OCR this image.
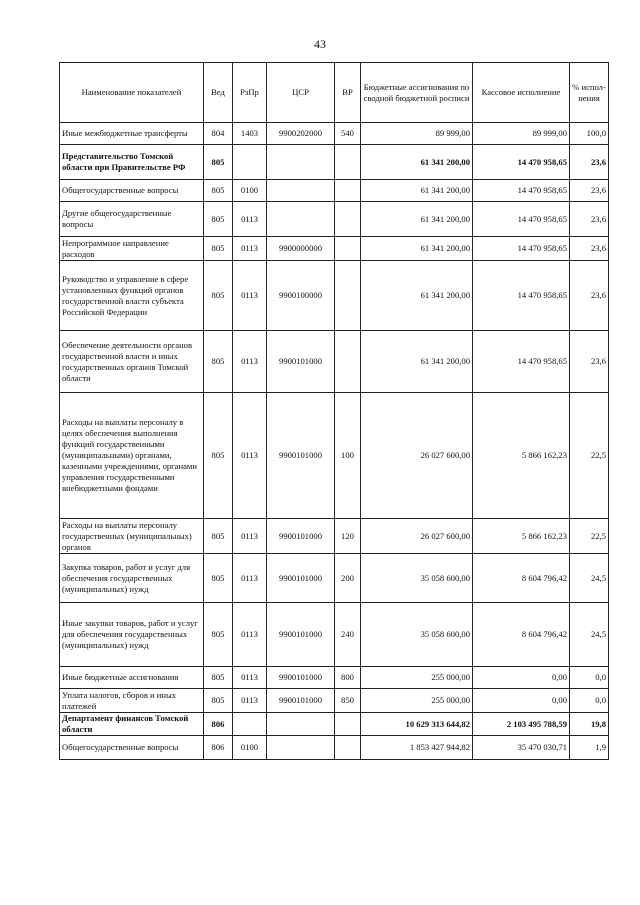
43
Наименование показателей	Вед	РзПр	ЦСР	ВР	Бюджетные ассигнования по сводной бюджетной росписи	Кассовое исполнение	% испол- нения
Иные межбюджетные трансферты	804	1403	9900202000	540	89 999,00	89 999,00	100,0
Представительство Томской области при Правительстве РФ	805				61 341 200,00	14 470 958,65	23,6
Общегосударственные вопросы	805	0100			61 341 200,00	14 470 958,65	23,6
Другие общегосударственные вопросы	805	0113			61 341 200,00	14 470 958,65	23,6
Непрограммное направление расходов	805	0113	9900000000		61 341 200,00	14 470 958,65	23,6
Руководство и управление в сфере установленных функций органов государственной власти субъекта Российской Федерации	805	0113	9900100000		61 341 200,00	14 470 958,65	23,6
Обеспечение деятельности органов государственной власти и иных государственных органов Томской области	805	0113	9900101000		61 341 200,00	14 470 958,65	23,6
Расходы на выплаты персоналу в целях обеспечения выполнения функций государственными (муниципальными) органами, казенными учреждениями, органами управления государственными внебюджетными фондами	805	0113	9900101000	100	26 027 600,00	5 866 162,23	22,5
Расходы на выплаты персоналу государственных (муниципальных) органов	805	0113	9900101000	120	26 027 600,00	5 866 162,23	22,5
Закупка товаров, работ и услуг для обеспечения государственных (муниципальных) нужд	805	0113	9900101000	200	35 058 600,00	8 604 796,42	24,5
Иные закупки товаров, работ и услуг для обеспечения государственных (муниципальных) нужд	805	0113	9900101000	240	35 058 600,00	8 604 796,42	24,5
Иные бюджетные ассигнования	805	0113	9900101000	800	255 000,00	0,00	0,0
Уплата налогов, сборов и иных платежей	805	0113	9900101000	850	255 000,00	0,00	0,0
Департамент финансов Томской области	806				10 629 313 644,82	2 103 495 788,59	19,8
Общегосударственные вопросы	806	0100			1 853 427 944,82	35 470 030,71	1,9
